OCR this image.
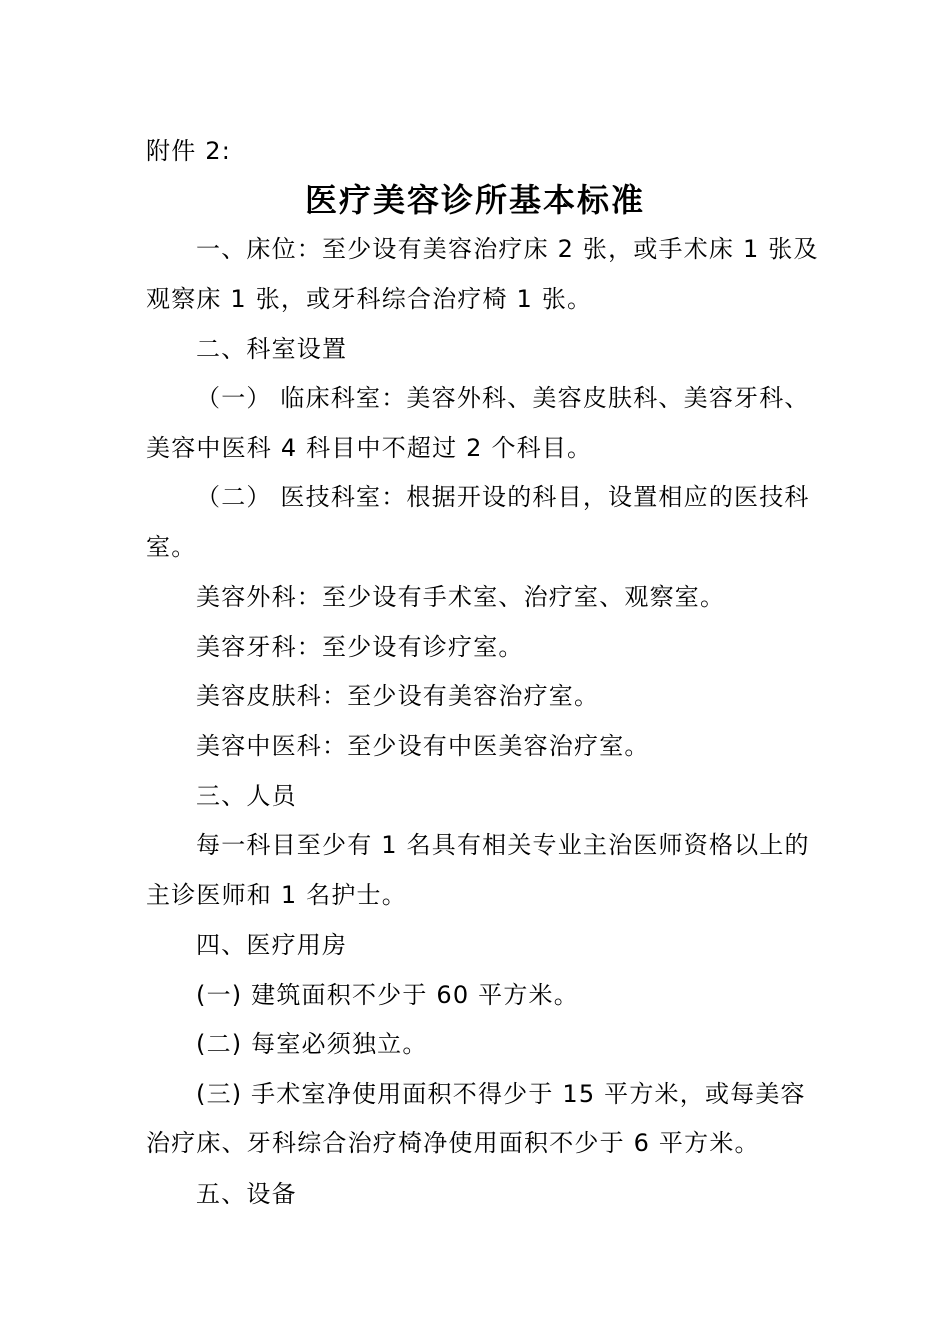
附件 2:
医疗美容诊所基本标准
一、床位：至少设有美容治疗床 2 张，或手术床 1 张及
观察床 1 张，或牙科综合治疗椅 1 张。
二、科室设置
（一） 临床科室：美容外科、美容皮肤科、美容牙科、
美容中医科 4 科目中不超过 2 个科目。
（二） 医技科室：根据开设的科目，设置相应的医技科
室。
美容外科：至少设有手术室、治疗室、观察室。
美容牙科：至少设有诊疗室。
美容皮肤科：至少设有美容治疗室。
美容中医科：至少设有中医美容治疗室。
三、人员
每一科目至少有 1 名具有相关专业主治医师资格以上的
主诊医师和 1 名护士。
四、医疗用房
(一) 建筑面积不少于 60 平方米。
(二) 每室必须独立。
(三) 手术室净使用面积不得少于 15 平方米，或每美容
治疗床、牙科综合治疗椅净使用面积不少于 6 平方米。
五、设备
